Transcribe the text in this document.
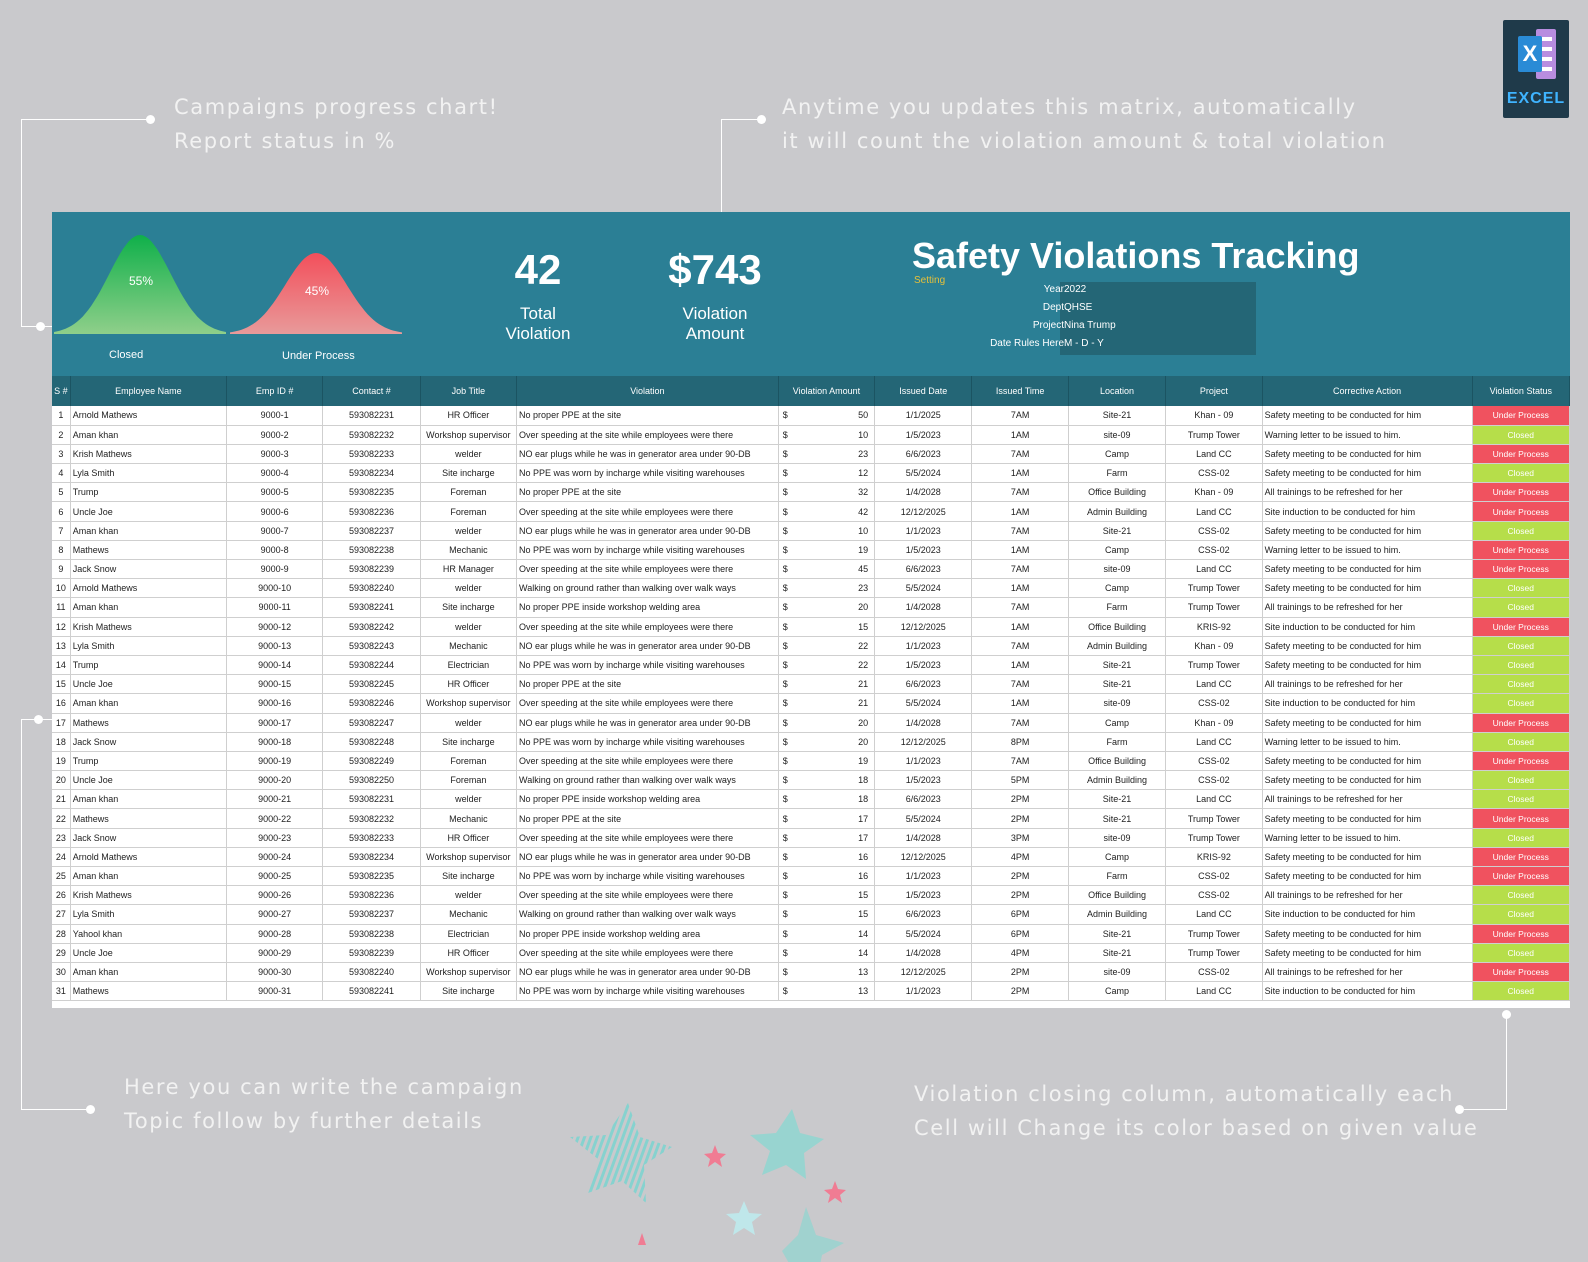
Campaigns progress chart!
Report status in %
Anytime you updates this matrix, automatically
it will count the violation amount & total violation
Here you can write the campaign
Topic follow by further details
Violation closing column, automatically each
Cell will Change its color based on given value
X
EXCEL
55%
Closed
45%
Under Process
42
Total
Violation
$743
Violation
Amount
Safety Violations Tracking
Setting
Year 2022
Dept QHSE
Project Nina Trump
Date Rules Here M - D - Y
S #	Employee Name	Emp ID #	Contact #	Job Title	Violation	Violation Amount	Issued Date	Issued Time	Location	Project	Corrective Action	Violation Status
1	Arnold Mathews	9000-1	593082231	HR Officer	No proper PPE at the site	$ 50	1/1/2025	7AM	Site-21	Khan - 09	Safety meeting to be conducted for him	Under Process
2	Aman khan	9000-2	593082232	Workshop supervisor	Over speeding at the site while employees were there	$ 10	1/5/2023	1AM	site-09	Trump Tower	Warning letter to be issued to him.	Closed
3	Krish Mathews	9000-3	593082233	welder	NO ear plugs while he was in generator area under 90-DB	$ 23	6/6/2023	7AM	Camp	Land CC	Safety meeting to be conducted for him	Under Process
4	Lyla Smith	9000-4	593082234	Site incharge	No PPE was worn by incharge while visiting warehouses	$ 12	5/5/2024	1AM	Farm	CSS-02	Safety meeting to be conducted for him	Closed
5	Trump	9000-5	593082235	Foreman	No proper PPE at the site	$ 32	1/4/2028	7AM	Office Building	Khan - 09	All trainings to be refreshed for her	Under Process
6	Uncle Joe	9000-6	593082236	Foreman	Over speeding at the site while employees were there	$ 42	12/12/2025	1AM	Admin Building	Land CC	Site induction to be conducted for him	Under Process
7	Aman khan	9000-7	593082237	welder	NO ear plugs while he was in generator area under 90-DB	$ 10	1/1/2023	7AM	Site-21	CSS-02	Safety meeting to be conducted for him	Closed
8	Mathews	9000-8	593082238	Mechanic	No PPE was worn by incharge while visiting warehouses	$ 19	1/5/2023	1AM	Camp	CSS-02	Warning letter to be issued to him.	Under Process
9	Jack Snow	9000-9	593082239	HR Manager	Over speeding at the site while employees were there	$ 45	6/6/2023	7AM	site-09	Land CC	Safety meeting to be conducted for him	Under Process
10	Arnold Mathews	9000-10	593082240	welder	Walking on ground rather than walking over walk ways	$ 23	5/5/2024	1AM	Camp	Trump Tower	Safety meeting to be conducted for him	Closed
11	Aman khan	9000-11	593082241	Site incharge	No proper PPE inside workshop welding area	$ 20	1/4/2028	7AM	Farm	Trump Tower	All trainings to be refreshed for her	Closed
12	Krish Mathews	9000-12	593082242	welder	Over speeding at the site while employees were there	$ 15	12/12/2025	1AM	Office Building	KRIS-92	Site induction to be conducted for him	Under Process
13	Lyla Smith	9000-13	593082243	Mechanic	NO ear plugs while he was in generator area under 90-DB	$ 22	1/1/2023	7AM	Admin Building	Khan - 09	Safety meeting to be conducted for him	Closed
14	Trump	9000-14	593082244	Electrician	No PPE was worn by incharge while visiting warehouses	$ 22	1/5/2023	1AM	Site-21	Trump Tower	Safety meeting to be conducted for him	Closed
15	Uncle Joe	9000-15	593082245	HR Officer	No proper PPE at the site	$ 21	6/6/2023	7AM	Site-21	Land CC	All trainings to be refreshed for her	Closed
16	Aman khan	9000-16	593082246	Workshop supervisor	Over speeding at the site while employees were there	$ 21	5/5/2024	1AM	site-09	CSS-02	Site induction to be conducted for him	Closed
17	Mathews	9000-17	593082247	welder	NO ear plugs while he was in generator area under 90-DB	$ 20	1/4/2028	7AM	Camp	Khan - 09	Safety meeting to be conducted for him	Under Process
18	Jack Snow	9000-18	593082248	Site incharge	No PPE was worn by incharge while visiting warehouses	$ 20	12/12/2025	8PM	Farm	Land CC	Warning letter to be issued to him.	Closed
19	Trump	9000-19	593082249	Foreman	Over speeding at the site while employees were there	$ 19	1/1/2023	7AM	Office Building	CSS-02	Safety meeting to be conducted for him	Under Process
20	Uncle Joe	9000-20	593082250	Foreman	Walking on ground rather than walking over walk ways	$ 18	1/5/2023	5PM	Admin Building	CSS-02	Safety meeting to be conducted for him	Closed
21	Aman khan	9000-21	593082231	welder	No proper PPE inside workshop welding area	$ 18	6/6/2023	2PM	Site-21	Land CC	All trainings to be refreshed for her	Closed
22	Mathews	9000-22	593082232	Mechanic	No proper PPE at the site	$ 17	5/5/2024	2PM	Site-21	Trump Tower	Safety meeting to be conducted for him	Under Process
23	Jack Snow	9000-23	593082233	HR Officer	Over speeding at the site while employees were there	$ 17	1/4/2028	3PM	site-09	Trump Tower	Warning letter to be issued to him.	Closed
24	Arnold Mathews	9000-24	593082234	Workshop supervisor	NO ear plugs while he was in generator area under 90-DB	$ 16	12/12/2025	4PM	Camp	KRIS-92	Safety meeting to be conducted for him	Under Process
25	Aman khan	9000-25	593082235	Site incharge	No PPE was worn by incharge while visiting warehouses	$ 16	1/1/2023	2PM	Farm	CSS-02	Safety meeting to be conducted for him	Under Process
26	Krish Mathews	9000-26	593082236	welder	Over speeding at the site while employees were there	$ 15	1/5/2023	2PM	Office Building	CSS-02	All trainings to be refreshed for her	Closed
27	Lyla Smith	9000-27	593082237	Mechanic	Walking on ground rather than walking over walk ways	$ 15	6/6/2023	6PM	Admin Building	Land CC	Site induction to be conducted for him	Closed
28	Yahool khan	9000-28	593082238	Electrician	No proper PPE inside workshop welding area	$ 14	5/5/2024	6PM	Site-21	Trump Tower	Safety meeting to be conducted for him	Under Process
29	Uncle Joe	9000-29	593082239	HR Officer	Over speeding at the site while employees were there	$ 14	1/4/2028	4PM	Site-21	Trump Tower	Safety meeting to be conducted for him	Closed
30	Aman khan	9000-30	593082240	Workshop supervisor	NO ear plugs while he was in generator area under 90-DB	$ 13	12/12/2025	2PM	site-09	CSS-02	All trainings to be refreshed for her	Under Process
31	Mathews	9000-31	593082241	Site incharge	No PPE was worn by incharge while visiting warehouses	$ 13	1/1/2023	2PM	Camp	Land CC	Site induction to be conducted for him	Closed
